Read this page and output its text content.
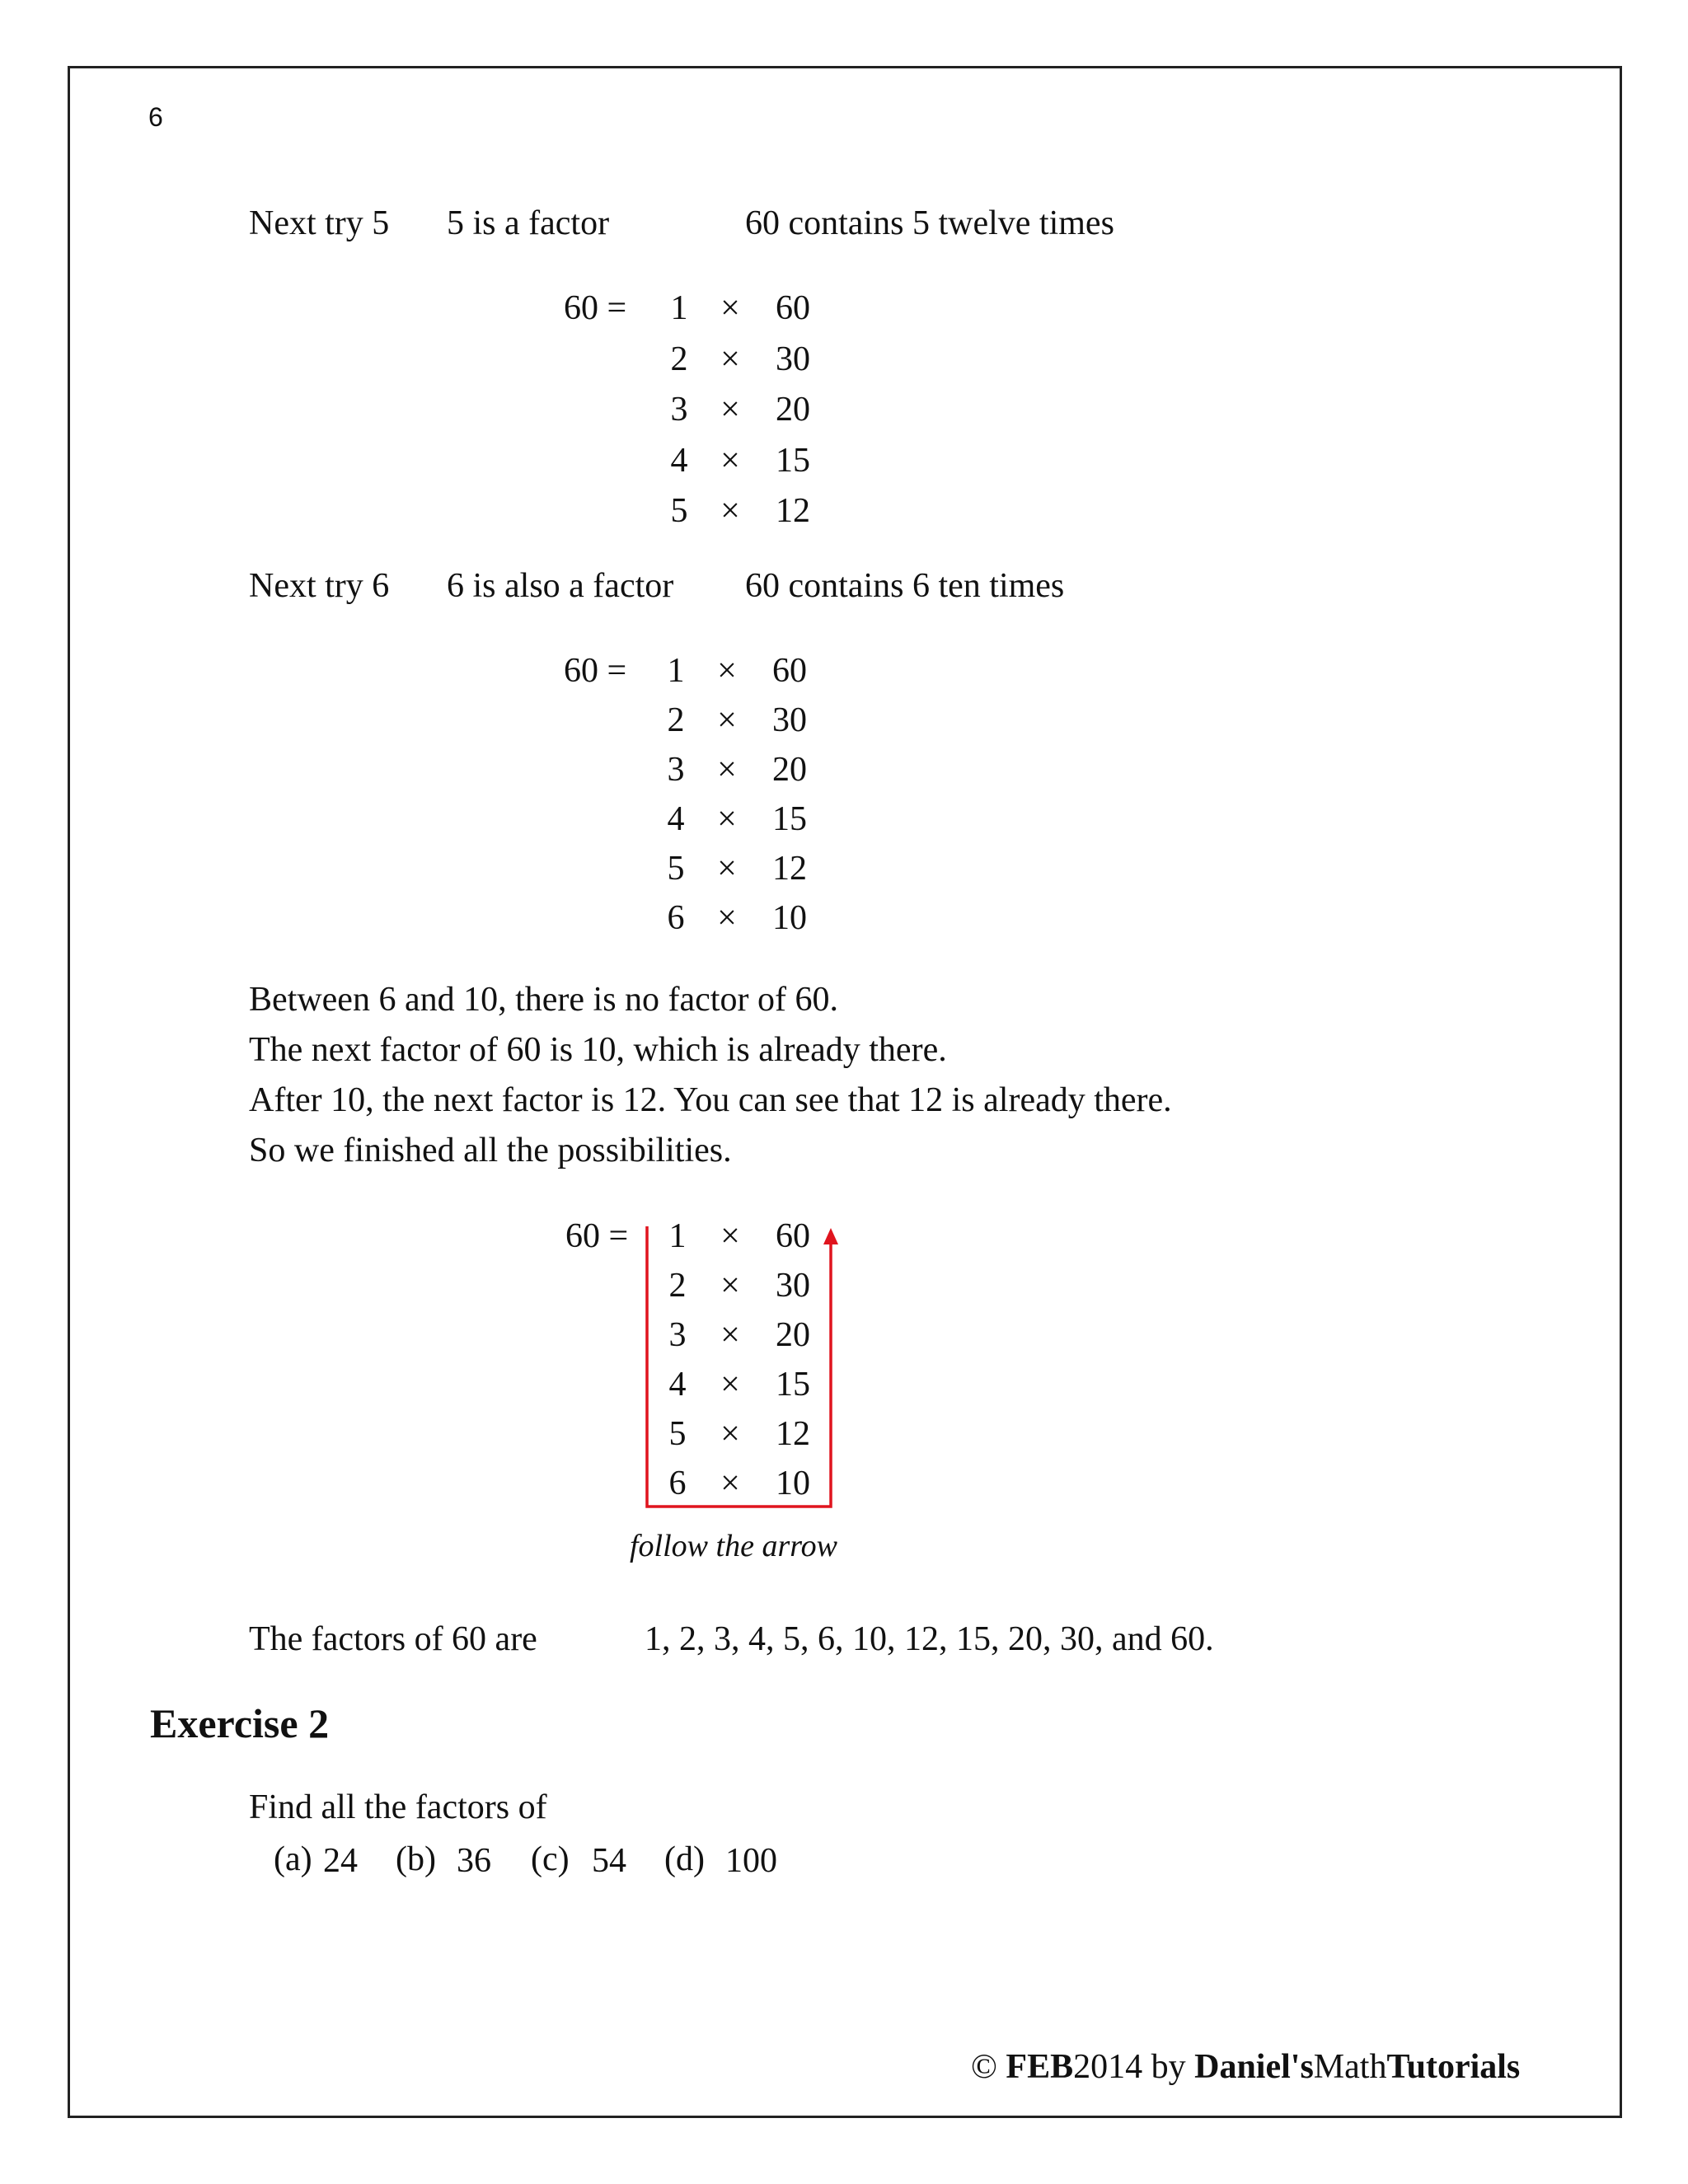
6
Next try 5 5 is a factor	60 contains 5 twelve times
60 =	1 ×	60
2 ×	30
3 ×	20
4 ×	15
5 ×	12
Next try 6 6 is also a factor 60 contains 6 ten times
60 =	1 ×	60
2 ×	30
3 ×	20
4 ×	15
5 ×	12
6 ×	10
Between 6 and 10, there is no factor of 60.
The next factor of 60 is 10, which is already there.
After 10, the next factor is 12. You can see that 12 is already there.
So we finished all the possibilities.
60 =	1 ×	60
2 ×	30
3 ×	20
4 ×	15
5 ×	12
6 ×	10
follow the arrow
The factors of 60 are	1, 2, 3, 4, 5, 6, 10, 12, 15, 20, 30, and 60.
Exercise 2
Find all the factors of
(a) 24 (b) 36 (c) 54 (d) 100
© FEB2014 by Daniel'sMathTutorials
